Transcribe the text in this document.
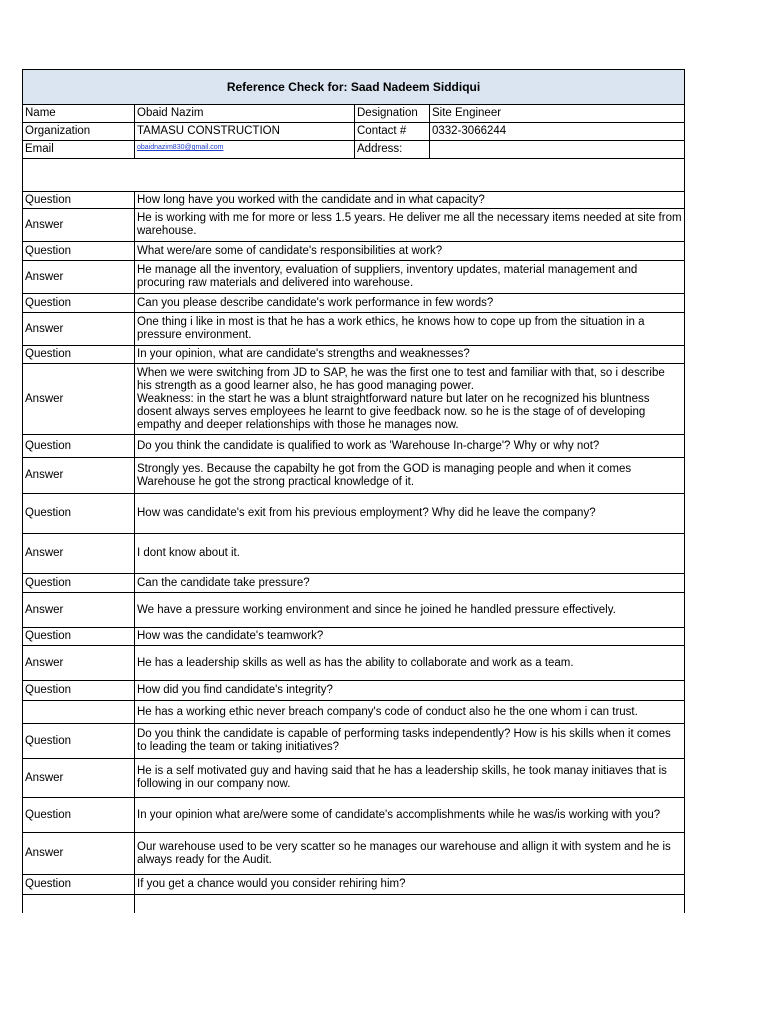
Reference Check for: Saad Nadeem Siddiqui			
Name	Obaid Nazim	Designation	Site Engineer
Organization	TAMASU CONSTRUCTION	Contact #	0332-3066244
Email	obaidnazim830@gmail.com	Address:	

Question	How long have you worked with the candidate and in what capacity?		
Answer	He is working with me for more or less 1.5 years. He deliver me all the necessary items needed at site from warehouse.		
Question	What were/are some of candidate's responsibilities at work?		
Answer	He manage all the inventory, evaluation of suppliers, inventory updates, material management and procuring raw materials and delivered into warehouse.		
Question	Can you please describe candidate's work performance in few words?		
Answer	One thing i like in most is that he has a work ethics, he knows how to cope up from the situation in a pressure environment.		
Question	In your opinion, what are candidate's strengths and weaknesses?		
Answer	When we were switching from JD to SAP, he was the first one to test and familiar with that, so i describe his strength as a good learner also, he has good managing power.
Weakness: in the start he was a blunt straightforward nature but later on he recognized his bluntness dosent always serves employees he learnt to give feedback now. so he is the stage of of developing empathy and deeper relationships with those he manages now.		

Question	Do you think the candidate is qualified to work as 'Warehouse In-charge'? Why or why not?		
Answer	Strongly yes. Because the capabilty he got from the GOD is managing people and when it comes Warehouse he got the strong practical knowledge of it.		
Question	How was candidate's exit from his previous employment? Why did he leave the company?		
Answer	I dont know about it.		
Question	Can the candidate take pressure?		
Answer	We have a pressure working environment and since he joined he handled pressure effectively.		
Question	How was the candidate's teamwork?		
Answer	He has a leadership skills as well as has the ability to collaborate and work as a team.		
Question	How did you find candidate's integrity?		
	He has a working ethic never breach company's code of conduct also he the one whom i can trust.		
Question	Do you think the candidate is capable of performing tasks independently? How is his skills when it comes to leading the team or taking initiatives?		
Answer	He is a self motivated guy and having said that he has a leadership skills, he took manay initiaves that is following in our company now.		
Question	In your opinion what are/were some of candidate's accomplishments while he was/is working with you?		
Answer	Our warehouse used to be very scatter so he manages our warehouse and allign it with system and he is always ready for the Audit.		
Question	If you get a chance would you consider rehiring him?		
